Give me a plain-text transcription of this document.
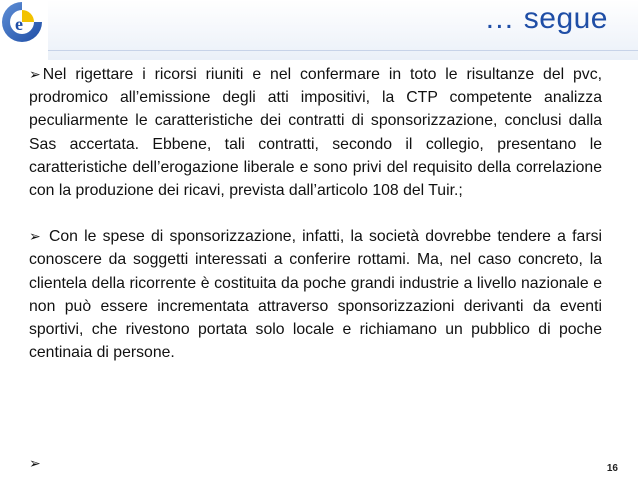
e	… segue

➢ Nel rigettare i ricorsi riuniti e nel confermare in toto le risultanze del pvc, prodromico all’emissione degli atti impositivi, la CTP competente analizza peculiarmente le caratteristiche dei contratti di sponsorizzazione, conclusi dalla Sas accertata. Ebbene, tali contratti, secondo il collegio, presentano le caratteristiche dell’erogazione liberale e sono privi del requisito della correlazione con la produzione dei ricavi, prevista dall’articolo 108 del Tuir.;

➢ Con le spese di sponsorizzazione, infatti, la società dovrebbe tendere a farsi conoscere da soggetti interessati a conferire rottami. Ma, nel caso concreto, la clientela della ricorrente è costituita da poche grandi industrie a livello nazionale e non può essere incrementata attraverso sponsorizzazioni derivanti da eventi sportivi, che rivestono portata solo locale e richiamano un pubblico di poche centinaia di persone.

➢	16
